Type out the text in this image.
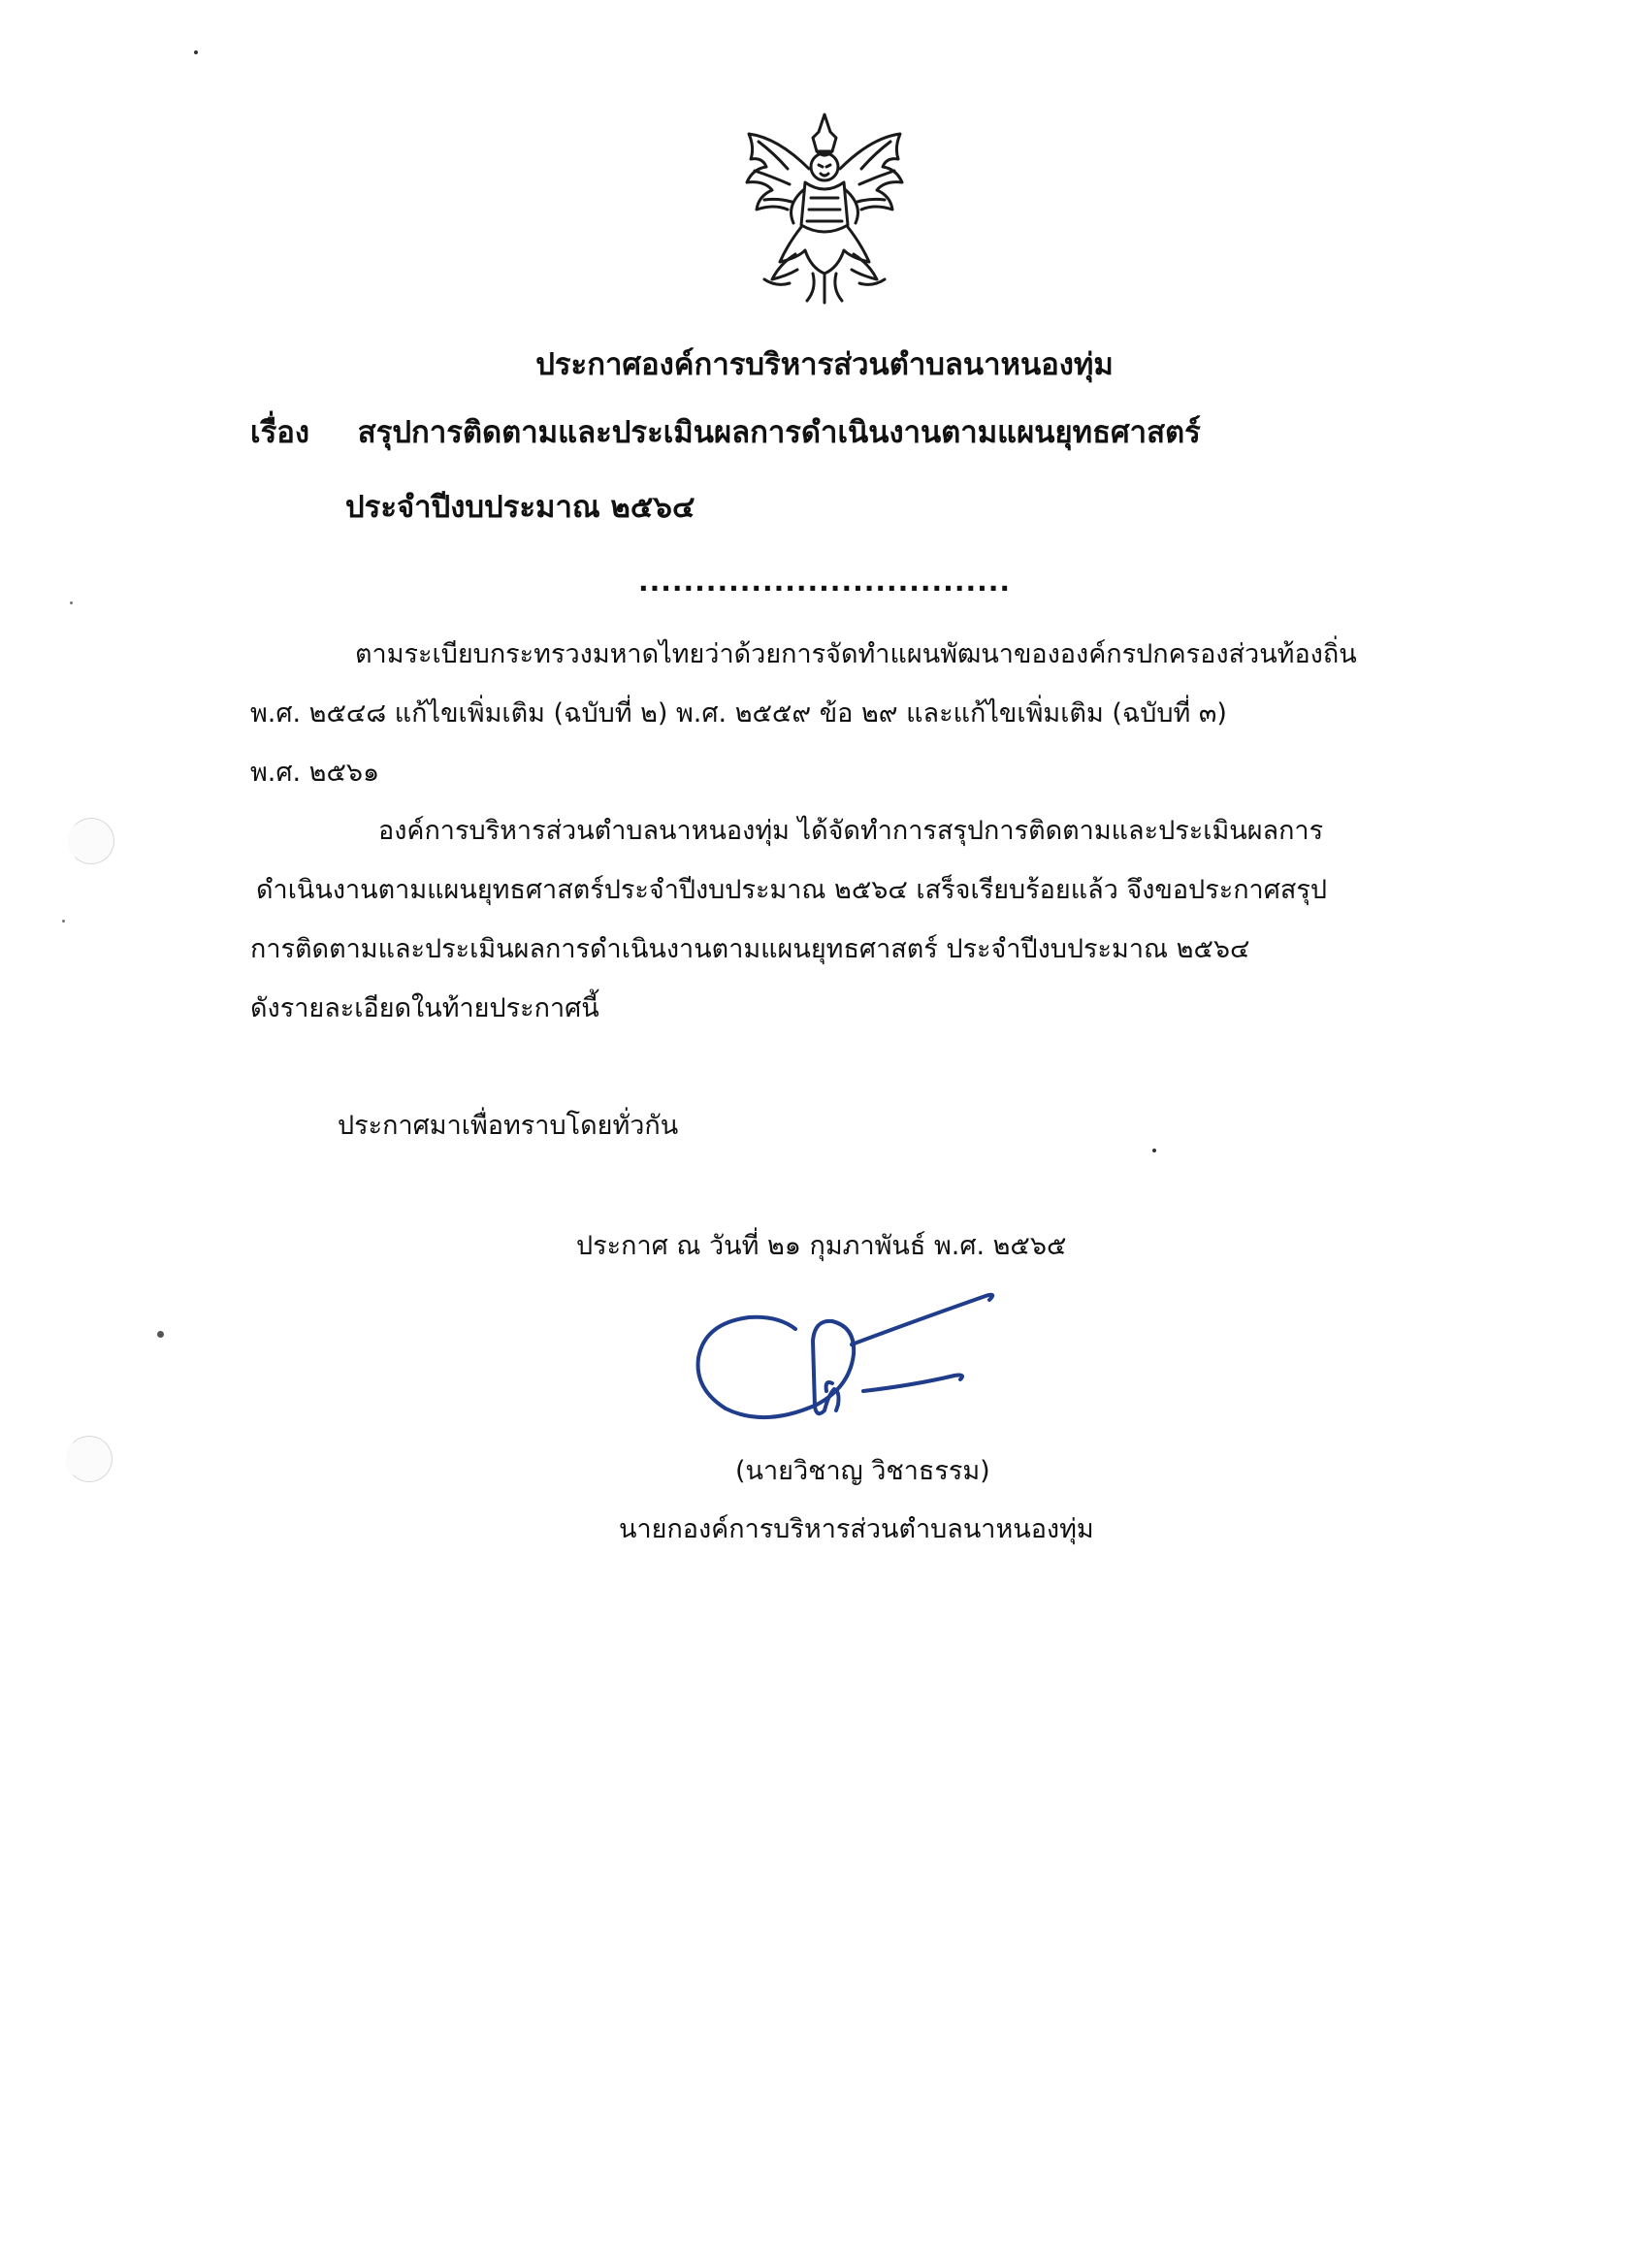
ประกาศองค์การบริหารส่วนตำบลนาหนองทุ่ม
เรื่อง สรุปการติดตามและประเมินผลการดำเนินงานตามแผนยุทธศาสตร์
ประจำปีงบประมาณ ๒๕๖๔
.................................
ตามระเบียบกระทรวงมหาดไทยว่าด้วยการจัดทำแผนพัฒนาขององค์กรปกครองส่วนท้องถิ่น
พ.ศ. ๒๕๔๘ แก้ไขเพิ่มเติม (ฉบับที่ ๒) พ.ศ. ๒๕๕๙ ข้อ ๒๙ และแก้ไขเพิ่มเติม (ฉบับที่ ๓)
พ.ศ. ๒๕๖๑
องค์การบริหารส่วนตำบลนาหนองทุ่ม ได้จัดทำการสรุปการติดตามและประเมินผลการ
ดำเนินงานตามแผนยุทธศาสตร์ประจำปีงบประมาณ ๒๕๖๔ เสร็จเรียบร้อยแล้ว จึงขอประกาศสรุป
การติดตามและประเมินผลการดำเนินงานตามแผนยุทธศาสตร์ ประจำปีงบประมาณ ๒๕๖๔
ดังรายละเอียดในท้ายประกาศนี้
ประกาศมาเพื่อทราบโดยทั่วกัน
ประกาศ ณ วันที่ ๒๑ กุมภาพันธ์ พ.ศ. ๒๕๖๕
(นายวิชาญ วิชาธรรม)
นายกองค์การบริหารส่วนตำบลนาหนองทุ่ม
